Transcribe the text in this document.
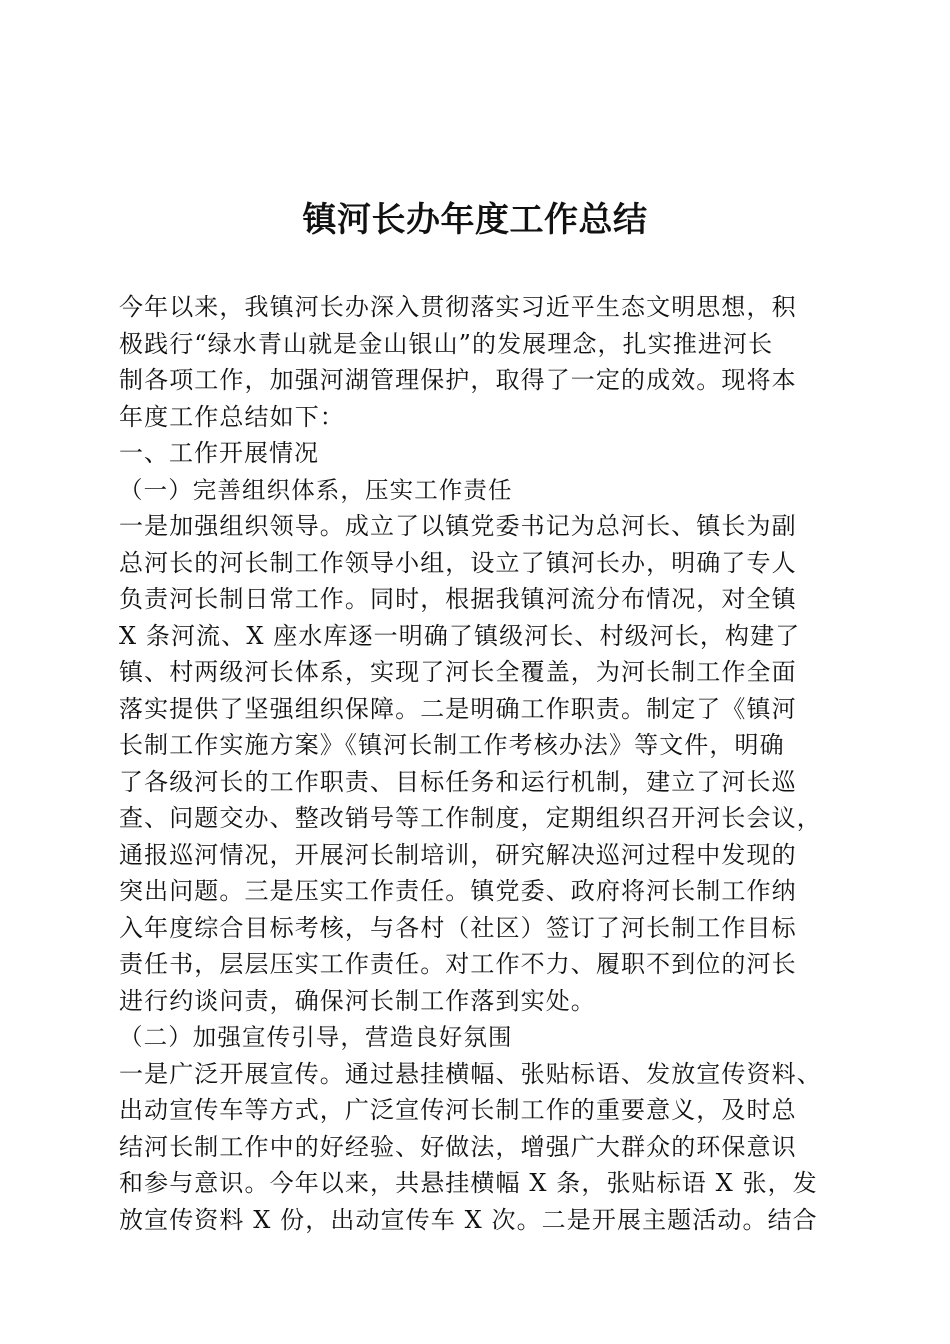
镇河长办年度工作总结
今年以来，我镇河长办深入贯彻落实习近平生态文明思想，积
极践行“绿水青山就是金山银山”的发展理念，扎实推进河长
制各项工作，加强河湖管理保护，取得了一定的成效。现将本
年度工作总结如下：
一、工作开展情况
（一）完善组织体系，压实工作责任
一是加强组织领导。成立了以镇党委书记为总河长、镇长为副
总河长的河长制工作领导小组，设立了镇河长办，明确了专人
负责河长制日常工作。同时，根据我镇河流分布情况，对全镇
X 条河流、X 座水库逐一明确了镇级河长、村级河长，构建了
镇、村两级河长体系，实现了河长全覆盖，为河长制工作全面
落实提供了坚强组织保障。二是明确工作职责。制定了《镇河
长制工作实施方案》《镇河长制工作考核办法》等文件，明确
了各级河长的工作职责、目标任务和运行机制，建立了河长巡
查、问题交办、整改销号等工作制度，定期组织召开河长会议，
通报巡河情况，开展河长制培训，研究解决巡河过程中发现的
突出问题。三是压实工作责任。镇党委、政府将河长制工作纳
入年度综合目标考核，与各村（社区）签订了河长制工作目标
责任书，层层压实工作责任。对工作不力、履职不到位的河长
进行约谈问责，确保河长制工作落到实处。
（二）加强宣传引导，营造良好氛围
一是广泛开展宣传。通过悬挂横幅、张贴标语、发放宣传资料、
出动宣传车等方式，广泛宣传河长制工作的重要意义，及时总
结河长制工作中的好经验、好做法，增强广大群众的环保意识
和参与意识。今年以来，共悬挂横幅 X 条，张贴标语 X 张，发
放宣传资料 X 份，出动宣传车 X 次。二是开展主题活动。结合
